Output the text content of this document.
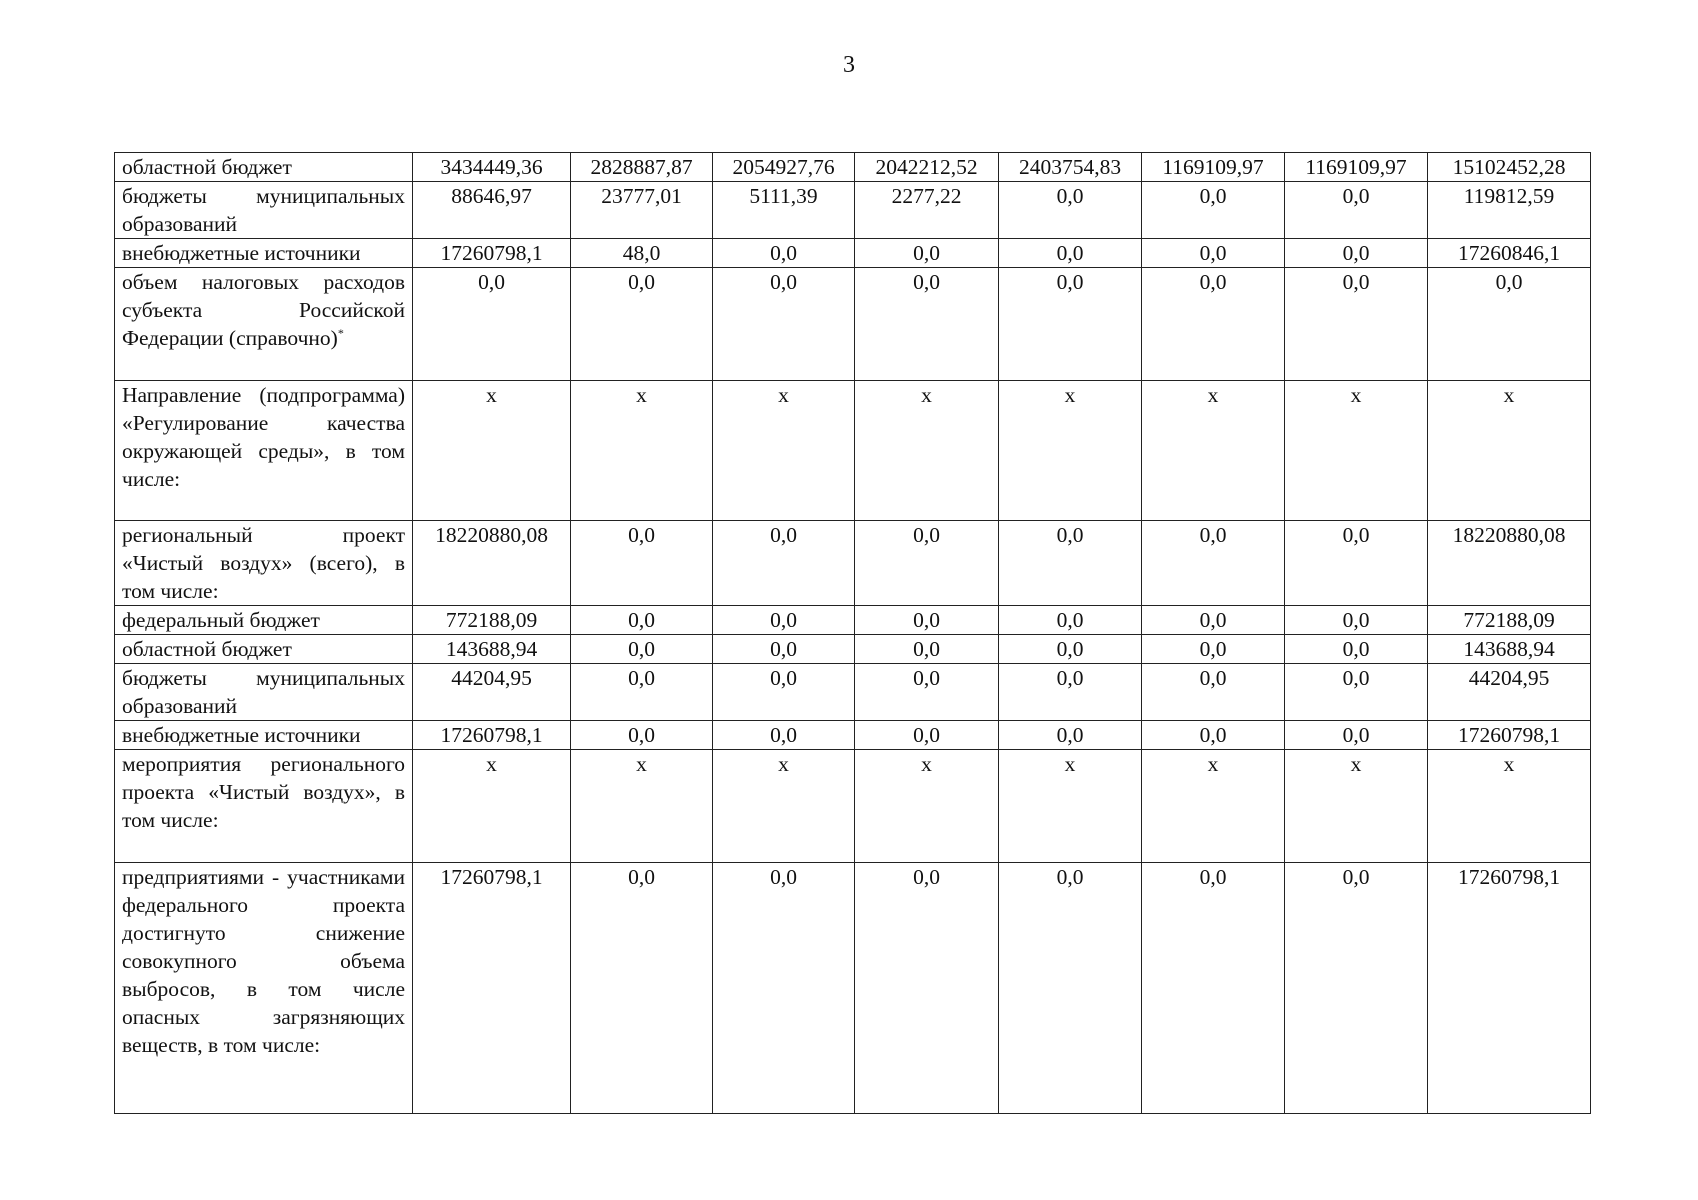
3
областной бюджет	3434449,36	2828887,87	2054927,76	2042212,52	2403754,83	1169109,97	1169109,97	15102452,28
бюджеты муниципальных образований	88646,97	23777,01	5111,39	2277,22	0,0	0,0	0,0	119812,59
внебюджетные источники	17260798,1	48,0	0,0	0,0	0,0	0,0	0,0	17260846,1
объем налоговых расходов субъекта Российской Федерации (справочно)*	0,0	0,0	0,0	0,0	0,0	0,0	0,0	0,0
Направление (подпрограмма) «Регулирование качества окружающей среды», в том числе:	х	х	х	х	х	х	х	х
региональный проект «Чистый воздух» (всего), в том числе:	18220880,08	0,0	0,0	0,0	0,0	0,0	0,0	18220880,08
федеральный бюджет	772188,09	0,0	0,0	0,0	0,0	0,0	0,0	772188,09
областной бюджет	143688,94	0,0	0,0	0,0	0,0	0,0	0,0	143688,94
бюджеты муниципальных образований	44204,95	0,0	0,0	0,0	0,0	0,0	0,0	44204,95
внебюджетные источники	17260798,1	0,0	0,0	0,0	0,0	0,0	0,0	17260798,1
мероприятия регионального проекта «Чистый воздух», в том числе:	х	х	х	х	х	х	х	х
предприятиями - участниками федерального проекта достигнуто снижение совокупного объема выбросов, в том числе опасных загрязняющих веществ, в том числе:	17260798,1	0,0	0,0	0,0	0,0	0,0	0,0	17260798,1
